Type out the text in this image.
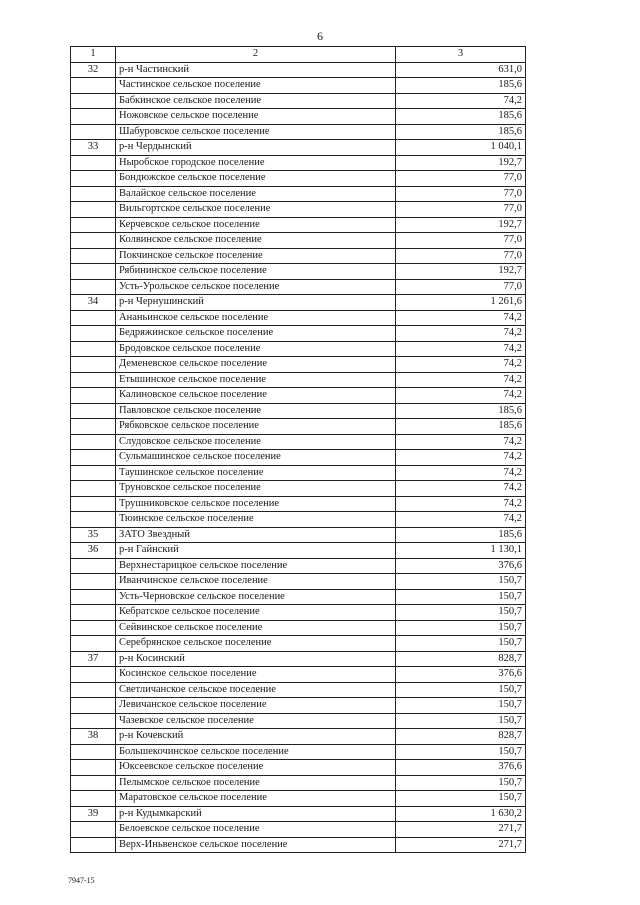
6
1	2	3
32	р-н Частинский	631,0
	Частинское сельское поселение	185,6
	Бабкинское сельское поселение	74,2
	Ножовское сельское поселение	185,6
	Шабуровское сельское поселение	185,6
33	р-н Чердынский	1 040,1
	Ныробское городское поселение	192,7
	Бондюжское сельское поселение	77,0
	Валайское сельское поселение	77,0
	Вильгортское сельское поселение	77,0
	Керчевское сельское поселение	192,7
	Колвинское сельское поселение	77,0
	Покчинское сельское поселение	77,0
	Рябининское сельское поселение	192,7
	Усть-Урольское сельское поселение	77,0
34	р-н Чернушинский	1 261,6
	Ананьинское сельское поселение	74,2
	Бедряжинское сельское поселение	74,2
	Бродовское сельское поселение	74,2
	Деменевское сельское поселение	74,2
	Етышинское сельское поселение	74,2
	Калиновское сельское поселение	74,2
	Павловское сельское поселение	185,6
	Рябковское сельское поселение	185,6
	Слудовское сельское поселение	74,2
	Сульмашинское сельское поселение	74,2
	Таушинское сельское поселение	74,2
	Труновское сельское поселение	74,2
	Трушниковское сельское поселение	74,2
	Тюинское сельское поселение	74,2
35	ЗАТО Звездный	185,6
36	р-н Гайнский	1 130,1
	Верхнестарицкое сельское поселение	376,6
	Иванчинское сельское поселение	150,7
	Усть-Черновское сельское поселение	150,7
	Кебратское сельское поселение	150,7
	Сейвинское сельское поселение	150,7
	Серебрянское сельское поселение	150,7
37	р-н Косинский	828,7
	Косинское сельское поселение	376,6
	Светличанское сельское поселение	150,7
	Левичанское сельское поселение	150,7
	Чазевское сельское поселение	150,7
38	р-н Кочевский	828,7
	Большекочинское сельское поселение	150,7
	Юксеевское сельское поселение	376,6
	Пелымское сельское поселение	150,7
	Маратовское сельское поселение	150,7
39	р-н Кудымкарский	1 630,2
	Белоевское сельское поселение	271,7
	Верх-Иньвенское сельское поселение	271,7
7947-15
